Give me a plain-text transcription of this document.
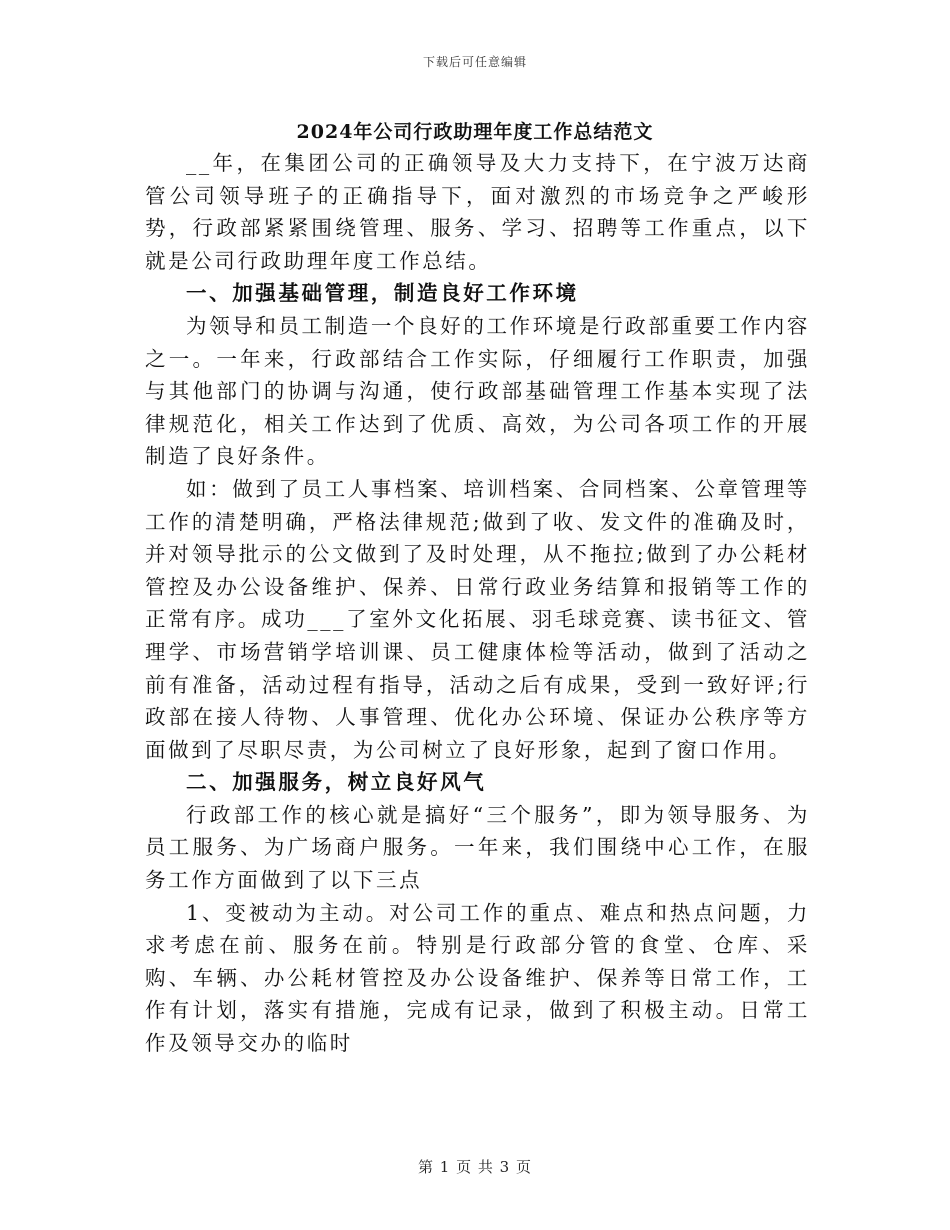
下载后可任意编辑
2024年公司行政助理年度工作总结范文

__年，在集团公司的正确领导及大力支持下，在宁波万达商管公司领导班子的正确指导下，面对激烈的市场竞争之严峻形势，行政部紧紧围绕管理、服务、学习、招聘等工作重点，以下就是公司行政助理年度工作总结。

一、加强基础管理，制造良好工作环境

为领导和员工制造一个良好的工作环境是行政部重要工作内容之一。一年来，行政部结合工作实际，仔细履行工作职责，加强与其他部门的协调与沟通，使行政部基础管理工作基本实现了法律规范化，相关工作达到了优质、高效，为公司各项工作的开展制造了良好条件。

如：做到了员工人事档案、培训档案、合同档案、公章管理等工作的清楚明确，严格法律规范;做到了收、发文件的准确及时，并对领导批示的公文做到了及时处理，从不拖拉;做到了办公耗材管控及办公设备维护、保养、日常行政业务结算和报销等工作的正常有序。成功___了室外文化拓展、羽毛球竞赛、读书征文、管理学、市场营销学培训课、员工健康体检等活动，做到了活动之前有准备，活动过程有指导，活动之后有成果，受到一致好评;行政部在接人待物、人事管理、优化办公环境、保证办公秩序等方面做到了尽职尽责，为公司树立了良好形象，起到了窗口作用。

二、加强服务，树立良好风气

行政部工作的核心就是搞好“三个服务”，即为领导服务、为员工服务、为广场商户服务。一年来，我们围绕中心工作，在服务工作方面做到了以下三点

1、变被动为主动。对公司工作的重点、难点和热点问题，力求考虑在前、服务在前。特别是行政部分管的食堂、仓库、采购、车辆、办公耗材管控及办公设备维护、保养等日常工作，工作有计划，落实有措施，完成有记录，做到了积极主动。日常工作及领导交办的临时

第 1 页 共 3 页
